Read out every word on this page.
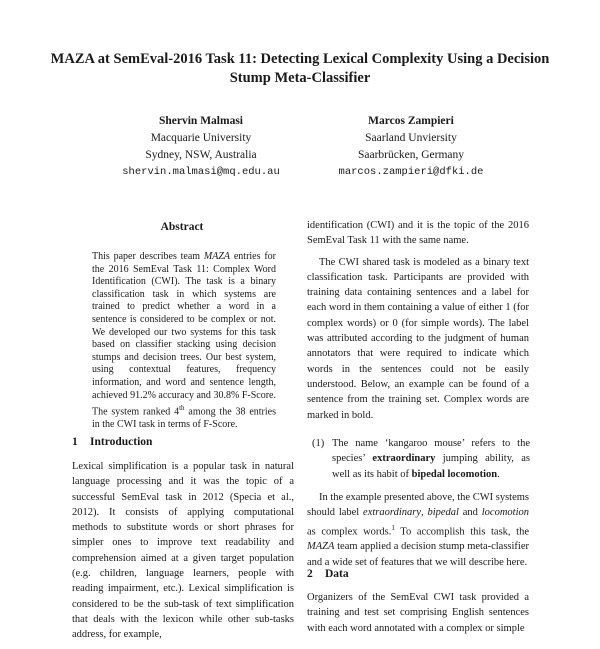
MAZA at SemEval-2016 Task 11: Detecting Lexical Complexity Using a Decision Stump Meta-Classifier
Shervin Malmasi
Macquarie University
Sydney, NSW, Australia
shervin.malmasi@mq.edu.au
Marcos Zampieri
Saarland Unviersity
Saarbrücken, Germany
marcos.zampieri@dfki.de
Abstract
This paper describes team MAZA entries for the 2016 SemEval Task 11: Complex Word Identification (CWI). The task is a binary classification task in which systems are trained to predict whether a word in a sentence is considered to be complex or not. We developed our two systems for this task based on classifier stacking using decision stumps and decision trees. Our best system, using contextual features, frequency information, and word and sentence length, achieved 91.2% accuracy and 30.8% F-Score. The system ranked 4th among the 38 entries in the CWI task in terms of F-Score.
1 Introduction

Lexical simplification is a popular task in natural language processing and it was the topic of a successful SemEval task in 2012 (Specia et al., 2012). It consists of applying computational methods to substitute words or short phrases for simpler ones to improve text readability and comprehension aimed at a given target population (e.g. children, language learners, people with reading impairment, etc.). Lexical simplification is considered to be the sub-task of text simplification that deals with the lexicon while other sub-tasks address, for example,

identification (CWI) and it is the topic of the 2016 SemEval Task 11 with the same name.

The CWI shared task is modeled as a binary text classification task. Participants are provided with training data containing sentences and a label for each word in them containing a value of either 1 (for complex words) or 0 (for simple words). The label was attributed according to the judgment of human annotators that were required to indicate which words in the sentences could not be easily understood. Below, an example can be found of a sentence from the training set. Complex words are marked in bold.

(1) The name ‘kangaroo mouse’ refers to the species’ extraordinary jumping ability, as well as its habit of bipedal locomotion.

In the example presented above, the CWI systems should label extraordinary, bipedal and locomotion as complex words.$^1$ To accomplish this task, the MAZA team applied a decision stump meta-classifier and a wide set of features that we will describe here.

2 Data

Organizers of the SemEval CWI task provided a training and test set comprising English sentences with each word annotated with a complex or simple
